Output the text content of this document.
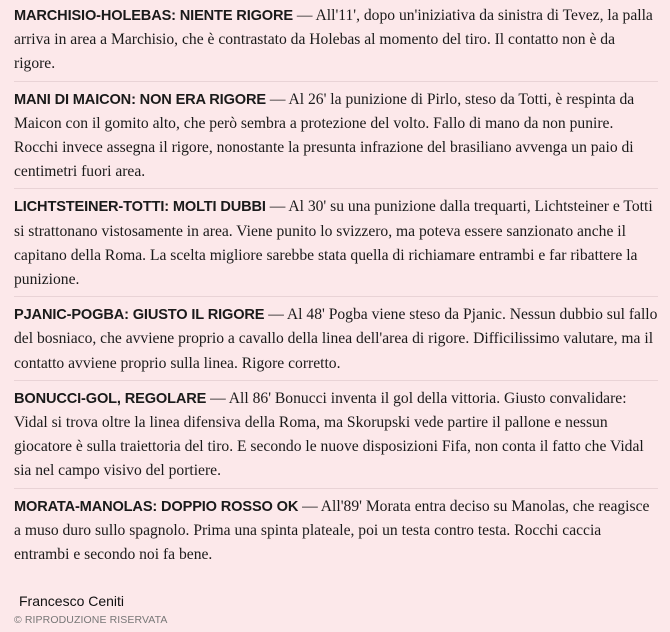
MARCHISIO-HOLEBAS: NIENTE RIGORE — All'11', dopo un'iniziativa da sinistra di Tevez, la palla arriva in area a Marchisio, che è contrastato da Holebas al momento del tiro. Il contatto non è da rigore.

MANI DI MAICON: NON ERA RIGORE — Al 26' la punizione di Pirlo, steso da Totti, è respinta da Maicon con il gomito alto, che però sembra a protezione del volto. Fallo di mano da non punire. Rocchi invece assegna il rigore, nonostante la presunta infrazione del brasiliano avvenga un paio di centimetri fuori area.

LICHTSTEINER-TOTTI: MOLTI DUBBI — Al 30' su una punizione dalla trequarti, Lichtsteiner e Totti si strattonano vistosamente in area. Viene punito lo svizzero, ma poteva essere sanzionato anche il capitano della Roma. La scelta migliore sarebbe stata quella di richiamare entrambi e far ribattere la punizione.

PJANIC-POGBA: GIUSTO IL RIGORE — Al 48' Pogba viene steso da Pjanic. Nessun dubbio sul fallo del bosniaco, che avviene proprio a cavallo della linea dell'area di rigore. Difficilissimo valutare, ma il contatto avviene proprio sulla linea. Rigore corretto.

BONUCCI-GOL, REGOLARE — All 86' Bonucci inventa il gol della vittoria. Giusto convalidare: Vidal si trova oltre la linea difensiva della Roma, ma Skorupski vede partire il pallone e nessun giocatore è sulla traiettoria del tiro. E secondo le nuove disposizioni Fifa, non conta il fatto che Vidal sia nel campo visivo del portiere.

MORATA-MANOLAS: DOPPIO ROSSO OK — All'89' Morata entra deciso su Manolas, che reagisce a muso duro sullo spagnolo. Prima una spinta plateale, poi un testa contro testa. Rocchi caccia entrambi e secondo noi fa bene.

Francesco Ceniti
© RIPRODUZIONE RISERVATA
